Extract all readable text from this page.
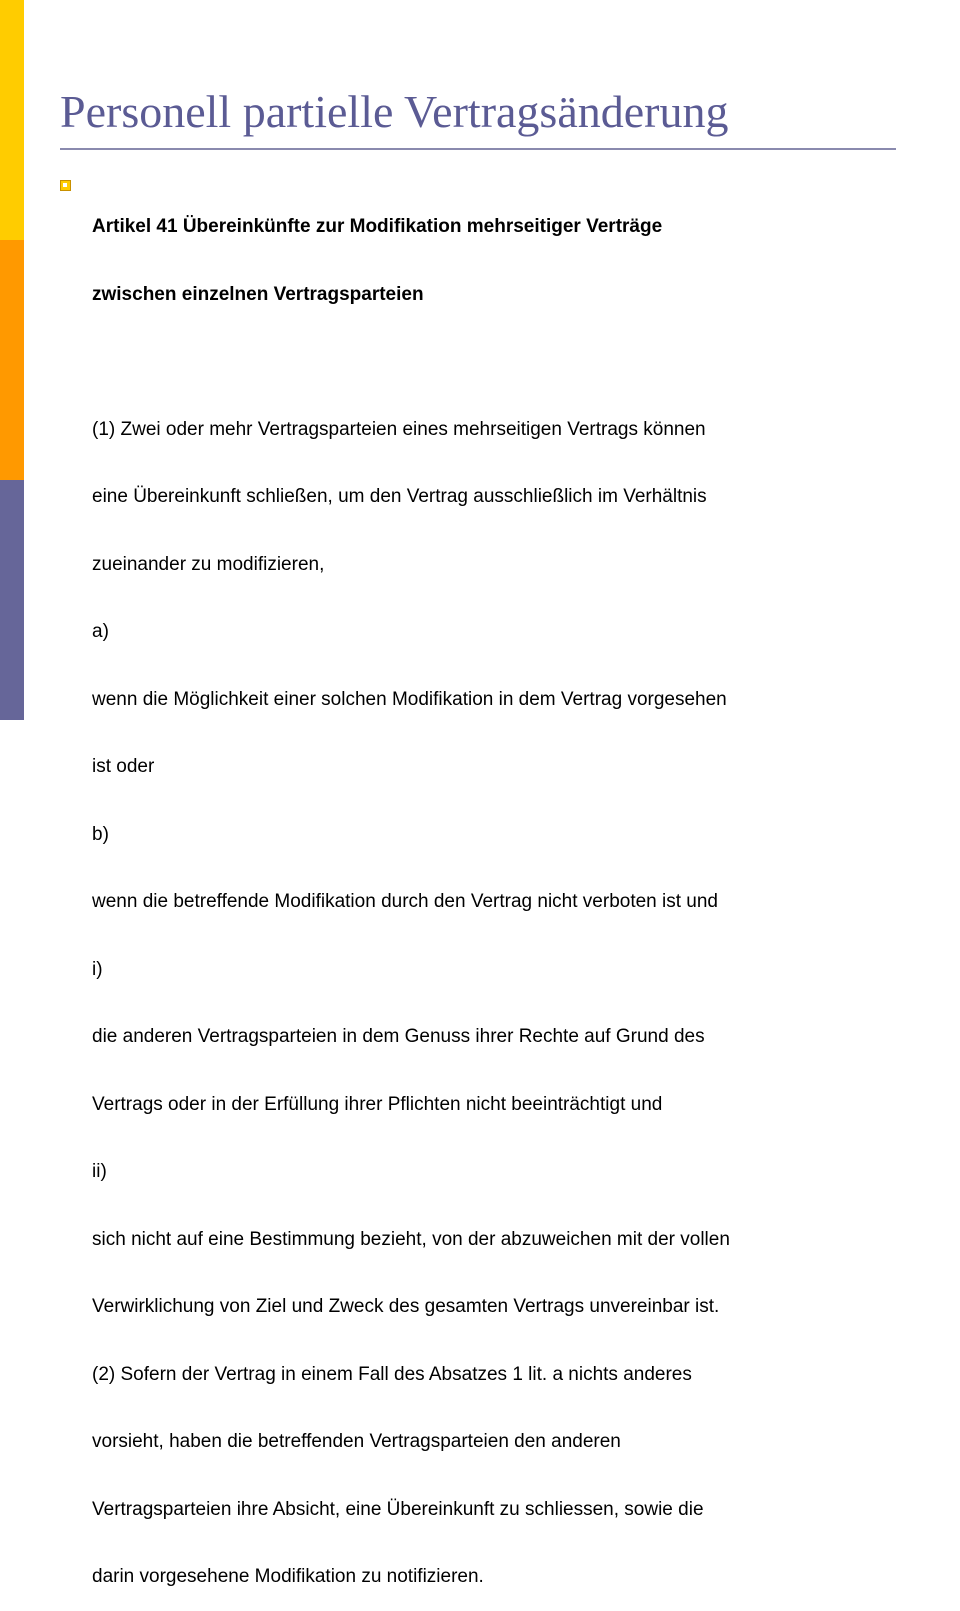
Personell partielle Vertragsänderung

Artikel 41 Übereinkünfte zur Modifikation mehrseitiger Verträge

zwischen einzelnen Vertragsparteien

(1) Zwei oder mehr Vertragsparteien eines mehrseitigen Vertrags können

eine Übereinkunft schließen, um den Vertrag ausschließlich im Verhältnis

zueinander zu modifizieren,

a)

wenn die Möglichkeit einer solchen Modifikation in dem Vertrag vorgesehen

ist oder

b)

wenn die betreffende Modifikation durch den Vertrag nicht verboten ist und

i)

die anderen Vertragsparteien in dem Genuss ihrer Rechte auf Grund des

Vertrags oder in der Erfüllung ihrer Pflichten nicht beeinträchtigt und

ii)

sich nicht auf eine Bestimmung bezieht, von der abzuweichen mit der vollen

Verwirklichung von Ziel und Zweck des gesamten Vertrags unvereinbar ist.

(2) Sofern der Vertrag in einem Fall des Absatzes 1 lit. a nichts anderes

vorsieht, haben die betreffenden Vertragsparteien den anderen

Vertragsparteien ihre Absicht, eine Übereinkunft zu schliessen, sowie die

darin vorgesehene Modifikation zu notifizieren.
